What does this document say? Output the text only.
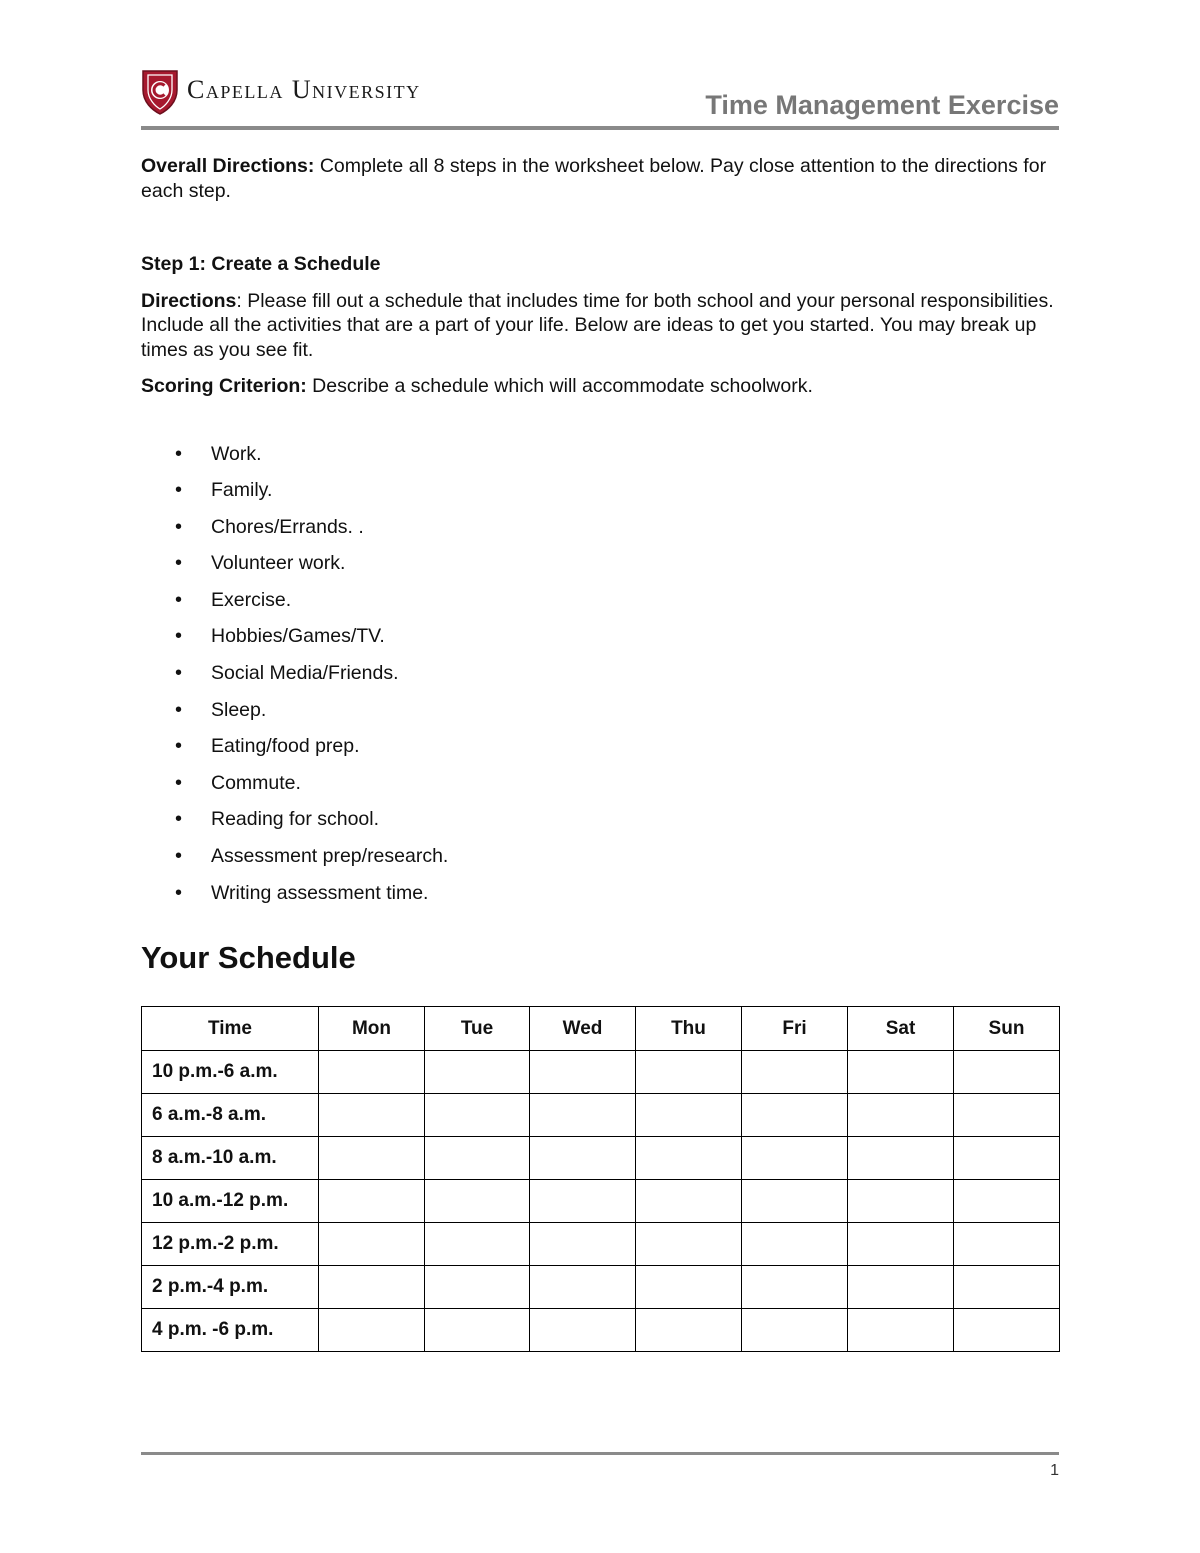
Capella University
Time Management Exercise

Overall Directions: Complete all 8 steps in the worksheet below. Pay close attention to the directions for each step.

Step 1: Create a Schedule

Directions: Please fill out a schedule that includes time for both school and your personal responsibilities. Include all the activities that are a part of your life. Below are ideas to get you started. You may break up times as you see fit.

Scoring Criterion: Describe a schedule which will accommodate schoolwork.

• Work.
• Family.
• Chores/Errands. .
• Volunteer work.
• Exercise.
• Hobbies/Games/TV.
• Social Media/Friends.
• Sleep.
• Eating/food prep.
• Commute.
• Reading for school.
• Assessment prep/research.
• Writing assessment time.
Your Schedule
Time	Mon	Tue	Wed	Thu	Fri	Sat	Sun
10 p.m.-6 a.m.							
6 a.m.-8 a.m.							
8 a.m.-10 a.m.							
10 a.m.-12 p.m.							
12 p.m.-2 p.m.							
2 p.m.-4 p.m.							
4 p.m. -6 p.m.							
1
